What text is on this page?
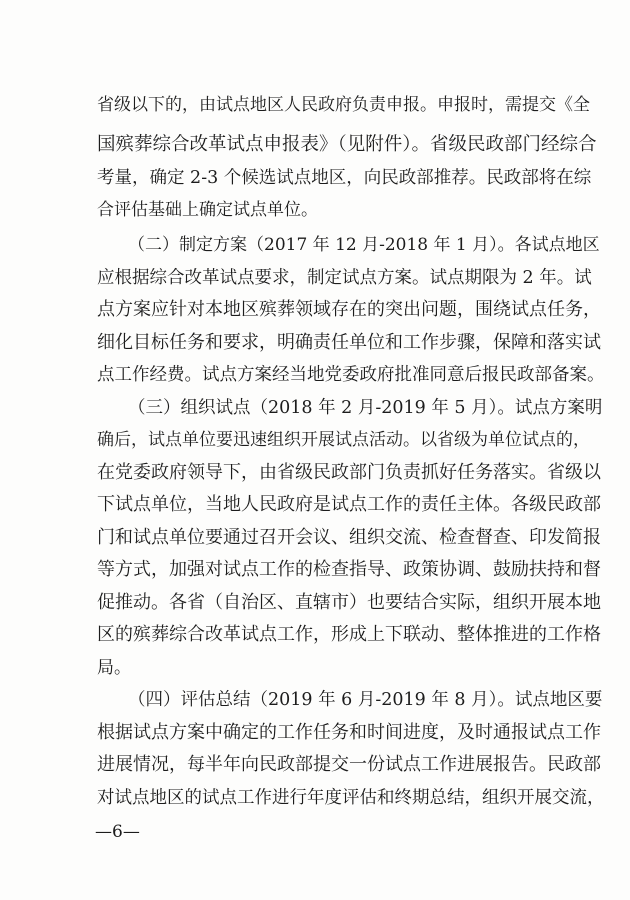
省级以下的，由试点地区人民政府负责申报。申报时，需提交《全
国殡葬综合改革试点申报表》（见附件）。省级民政部门经综合
考量，确定 2-3 个候选试点地区，向民政部推荐。民政部将在综
合评估基础上确定试点单位。
（二）制定方案（2017 年 12 月-2018 年 1 月）。各试点地区
应根据综合改革试点要求，制定试点方案。试点期限为 2 年。试
点方案应针对本地区殡葬领域存在的突出问题，围绕试点任务，
细化目标任务和要求，明确责任单位和工作步骤，保障和落实试
点工作经费。试点方案经当地党委政府批准同意后报民政部备案。
（三）组织试点（2018 年 2 月-2019 年 5 月）。试点方案明
确后，试点单位要迅速组织开展试点活动。以省级为单位试点的，
在党委政府领导下，由省级民政部门负责抓好任务落实。省级以
下试点单位，当地人民政府是试点工作的责任主体。各级民政部
门和试点单位要通过召开会议、组织交流、检查督查、印发简报
等方式，加强对试点工作的检查指导、政策协调、鼓励扶持和督
促推动。各省（自治区、直辖市）也要结合实际，组织开展本地
区的殡葬综合改革试点工作，形成上下联动、整体推进的工作格
局。
（四）评估总结（2019 年 6 月-2019 年 8 月）。试点地区要
根据试点方案中确定的工作任务和时间进度，及时通报试点工作
进展情况，每半年向民政部提交一份试点工作进展报告。民政部
对试点地区的试点工作进行年度评估和终期总结，组织开展交流，
—6—
